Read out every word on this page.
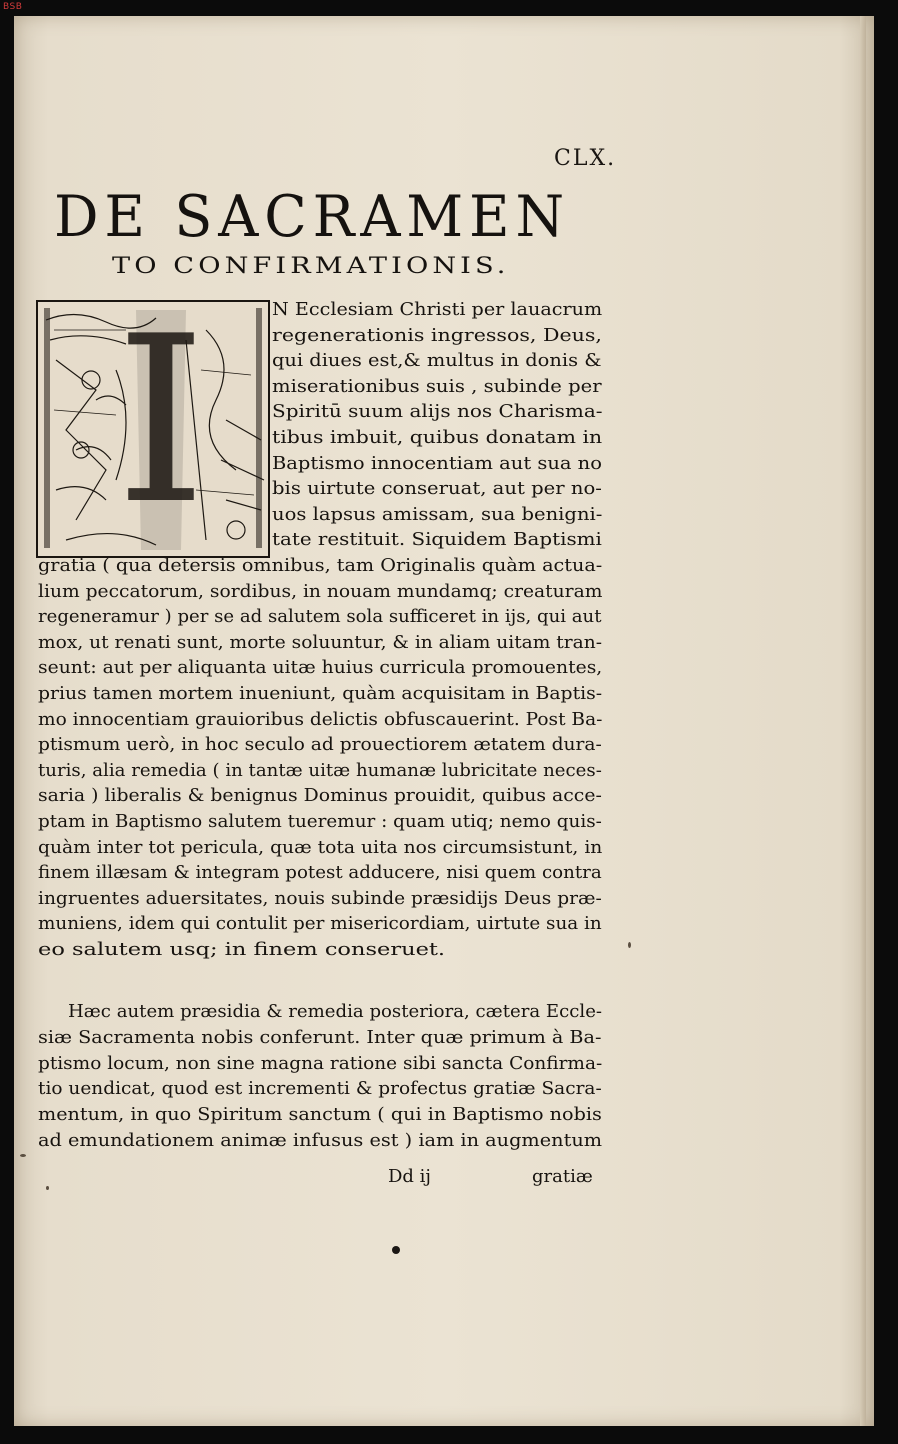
BSB
CLX.
DE SACRAMEN
TO CONFIRMATIONIS.
I	N Ecclesiam Christi per lauacrum
regenerationis ingressos, Deus,
qui diues est,& multus in donis &
miserationibus suis , subinde per
Spiritū suum alijs nos Charisma-
tibus imbuit, quibus donatam in
Baptismo innocentiam aut sua no
bis uirtute conseruat, aut per no-
uos lapsus amissam, sua benigni-
tate restituit. Siquidem Baptismi
gratia ( qua detersis omnibus, tam Originalis quàm actua-
lium peccatorum, sordibus, in nouam mundamq; creaturam
regeneramur ) per se ad salutem sola sufficeret in ijs, qui aut
mox, ut renati sunt, morte soluuntur, & in aliam uitam tran-
seunt: aut per aliquanta uitæ huius curricula promouentes,
prius tamen mortem inueniunt, quàm acquisitam in Baptis-
mo innocentiam grauioribus delictis obfuscauerint. Post Ba-
ptismum uerò, in hoc seculo ad prouectiorem ætatem dura-
turis, alia remedia ( in tantæ uitæ humanæ lubricitate neces-
saria ) liberalis & benignus Dominus prouidit, quibus acce-
ptam in Baptismo salutem tueremur : quam utiq; nemo quis-
quàm inter tot pericula, quæ tota uita nos circumsistunt, in
finem illæsam & integram potest adducere, nisi quem contra
ingruentes aduersitates, nouis subinde præsidijs Deus præ-
muniens, idem qui contulit per misericordiam, uirtute sua in
eo salutem usq; in finem conseruet.
Hæc autem præsidia & remedia posteriora, cætera Eccle-
siæ Sacramenta nobis conferunt. Inter quæ primum à Ba-
ptismo locum, non sine magna ratione sibi sancta Confirma-
tio uendicat, quod est incrementi & profectus gratiæ Sacra-
mentum, in quo Spiritum sanctum ( qui in Baptismo nobis
ad emundationem animæ infusus est ) iam in augmentum
Dd ij	gratiæ
